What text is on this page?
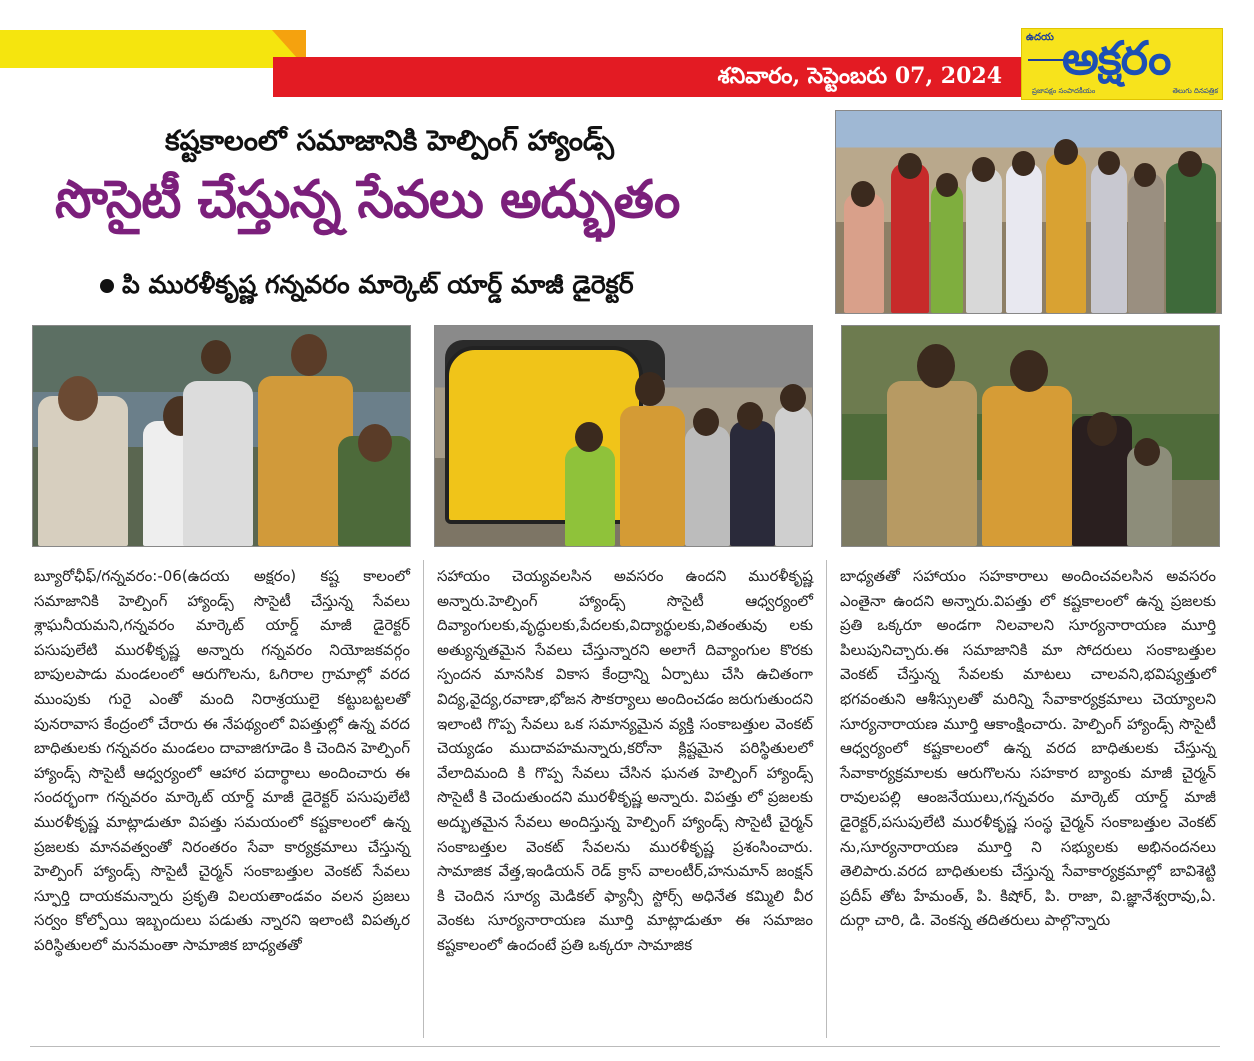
శనివారం, సెప్టెంబరు 07, 2024
ఉదయ అక్షరం
ప్రజాపక్షం సంపాదకీయం	తెలుగు దినపత్రిక
కష్టకాలంలో సమాజానికి హెల్పింగ్ హ్యాండ్స్
సొసైటీ చేస్తున్న సేవలు అద్భుతం
పి మురళీకృష్ణ గన్నవరం మార్కెట్ యార్డ్ మాజీ డైరెక్టర్
బ్యూరోఛీఫ్/గన్నవరం:-06(ఉదయ అక్షరం) కష్ట కాలంలో సమాజానికి హెల్పింగ్ హ్యాండ్స్ సొసైటీ చేస్తున్న సేవలు శ్లాఘనీయమని,గన్నవరం మార్కెట్ యార్డ్ మాజీ డైరెక్టర్ పసుపులేటి మురళీకృష్ణ అన్నారు గన్నవరం నియోజకవర్గం బాపులపాడు మండలంలో ఆరుగొలను, ఓగిరాల గ్రామాల్లో వరద ముంపుకు గురై ఎంతో మంది నిరాశ్రయులై కట్టుబట్టలతో పునరావాస కేంద్రంలో చేరారు ఈ నేపథ్యంలో విపత్తుల్లో ఉన్న వరద బాధితులకు గన్నవరం మండలం దావాజిగూడెం కి చెందిన హెల్పింగ్ హ్యాండ్స్ సొసైటీ ఆధ్వర్యంలో ఆహార పదార్థాలు అందించారు ఈ సందర్భంగా గన్నవరం మార్కెట్ యార్డ్ మాజీ డైరెక్టర్ పసుపులేటి మురళీకృష్ణ మాట్లాడుతూ విపత్తు సమయంలో కష్టకాలంలో ఉన్న ప్రజలకు మానవత్వంతో నిరంతరం సేవా కార్యక్రమాలు చేస్తున్న హెల్పింగ్ హ్యాండ్స్ సొసైటీ చైర్మన్ సంకాబత్తుల వెంకట్ సేవలు స్ఫూర్తి దాయకమన్నారు ప్రకృతి విలయతాండవం వలన ప్రజలు సర్వం కోల్పోయి ఇబ్బందులు పడుతు న్నారని ఇలాంటి విపత్కర పరిస్థితులలో మనమంతా సామాజిక బాధ్యతతో
సహాయం చెయ్యవలసిన అవసరం ఉందని మురళీకృష్ణ అన్నారు.హెల్పింగ్ హ్యాండ్స్ సొసైటీ ఆధ్వర్యంలో దివ్యాంగులకు,వృద్ధులకు,పేదలకు,విద్యార్థులకు,వితంతువు లకు అత్యున్నతమైన సేవలు చేస్తున్నారని అలాగే దివ్యాంగుల కొరకు స్పందన మానసిక వికాస కేంద్రాన్ని ఏర్పాటు చేసి ఉచితంగా విద్య,వైద్య,రవాణా,భోజన సౌకర్యాలు అందించడం జరుగుతుందని ఇలాంటి గొప్ప సేవలు ఒక సమాన్యమైన వ్యక్తి సంకాబత్తుల వెంకట్ చెయ్యడం ముదావహమన్నారు,కరోనా క్లిష్టమైన పరిస్థితులలో వేలాదిమంది కి గొప్ప సేవలు చేసిన ఘనత హెల్పింగ్ హ్యాండ్స్ సొసైటీ కి చెందుతుందని మురళీకృష్ణ అన్నారు. విపత్తు లో ప్రజలకు అద్భుతమైన సేవలు అందిస్తున్న హెల్పింగ్ హ్యాండ్స్ సొసైటీ చైర్మన్ సంకాబత్తుల వెంకట్ సేవలను మురళీకృష్ణ ప్రశంసించారు. సామాజిక వేత్త,ఇండియన్ రెడ్ క్రాస్ వాలంటీర్,హనుమాన్ జంక్షన్ కి చెందిన సూర్య మెడికల్ ఫ్యాన్సీ స్టోర్స్ అధినేత కమ్మిలి వీర వెంకట సూర్యనారాయణ మూర్తి మాట్లాడుతూ ఈ సమాజం కష్టకాలంలో ఉందంటే ప్రతి ఒక్కరూ సామాజిక
బాధ్యతతో సహాయం సహకారాలు అందించవలసిన అవసరం ఎంతైనా ఉందని అన్నారు.విపత్తు లో కష్టకాలంలో ఉన్న ప్రజలకు ప్రతి ఒక్కరూ అండగా నిలవాలని సూర్యనారాయణ మూర్తి పిలుపునిచ్చారు.ఈ సమాజానికి మా సోదరులు సంకాబత్తుల వెంకట్ చేస్తున్న సేవలకు మాటలు చాలవని,భవిష్యత్తులో భగవంతుని ఆశీస్సులతో మరిన్ని సేవాకార్యక్రమాలు చెయ్యాలని సూర్యనారాయణ మూర్తి ఆకాంక్షించారు. హెల్పింగ్ హ్యాండ్స్ సొసైటీ ఆధ్వర్యంలో కష్టకాలంలో ఉన్న వరద బాధితులకు చేస్తున్న సేవాకార్యక్రమాలకు ఆరుగొలను సహకార బ్యాంకు మాజీ చైర్మన్ రావులపల్లి ఆంజనేయులు,గన్నవరం మార్కెట్ యార్డ్ మాజీ డైరెక్టర్,పసుపులేటి మురళీకృష్ణ సంస్థ చైర్మన్ సంకాబత్తుల వెంకట్ ను,సూర్యనారాయణ మూర్తి ని సభ్యులకు అభినందనలు తెలిపారు.వరద బాధితులకు చేస్తున్న సేవాకార్యక్రమాల్లో బావిశెట్టి ప్రదీప్ తోట హేమంత్, పి. కిషోర్, పి. రాజా, వి.జ్ఞానేశ్వరావు,ఏ. దుర్గా చారి, డి. వెంకన్న తదితరులు పాల్గొన్నారు
